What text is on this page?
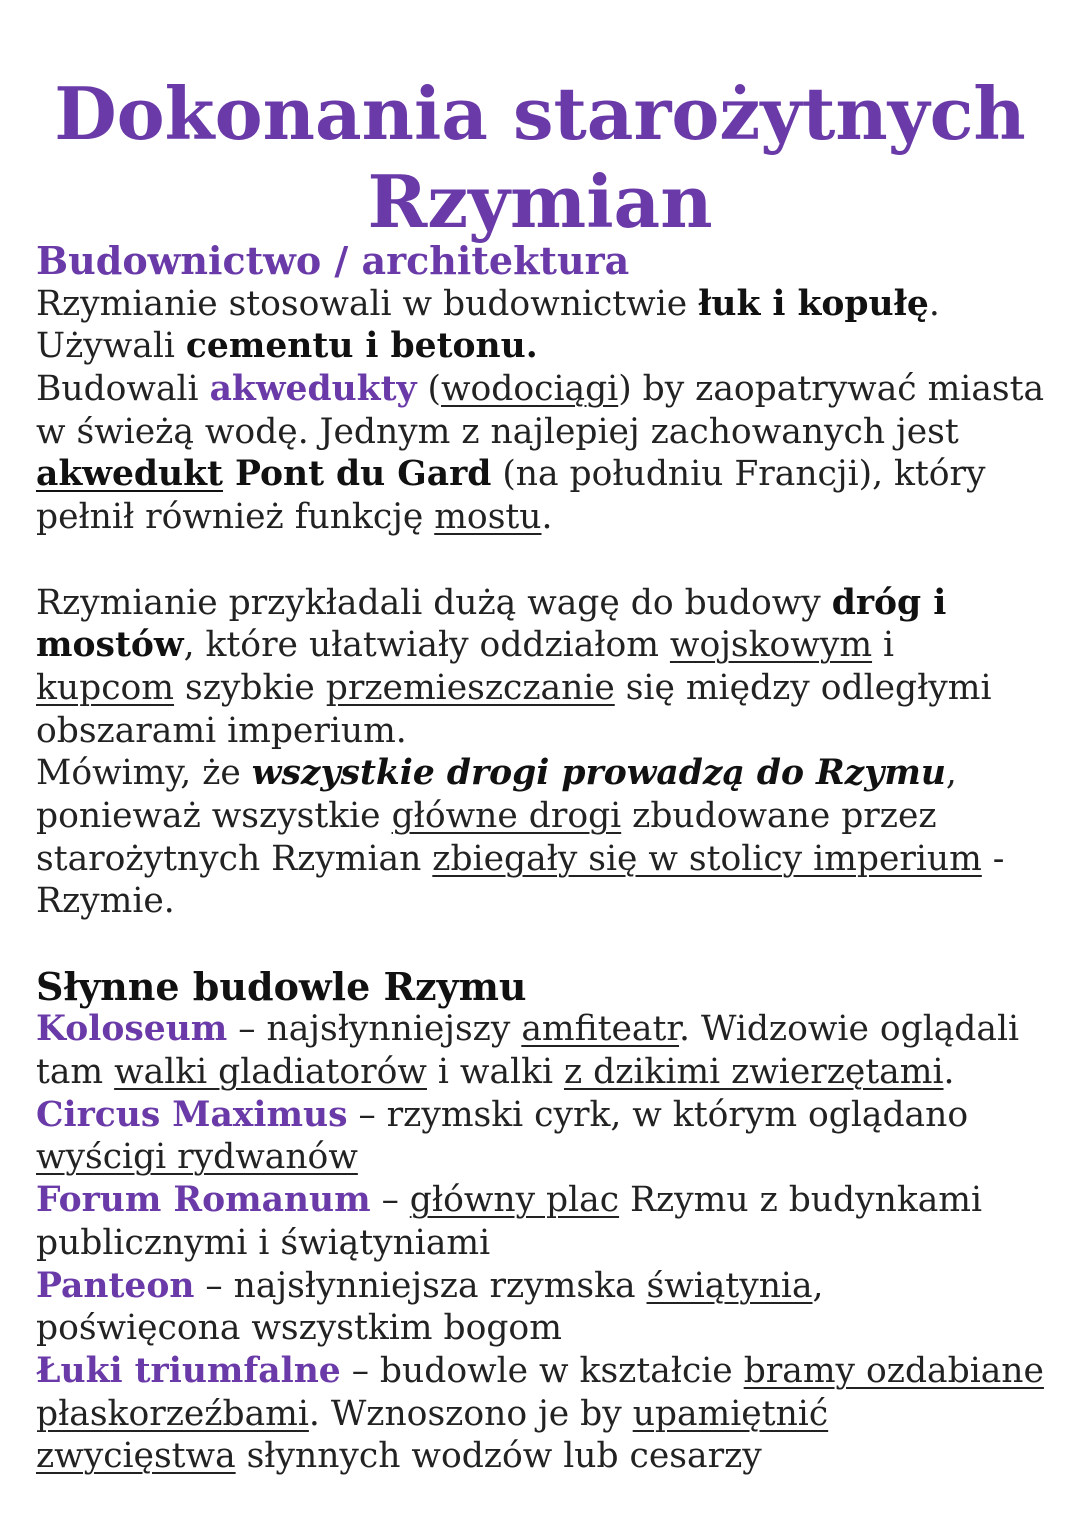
Dokonania starożytnych
Rzymian
Budownictwo / architektura
Rzymianie stosowali w budownictwie łuk i kopułę.
Używali cementu i betonu.
Budowali akwedukty (wodociągi) by zaopatrywać miasta
w świeżą wodę. Jednym z najlepiej zachowanych jest
akwedukt Pont du Gard (na południu Francji), który
pełnił również funkcję mostu.
Rzymianie przykładali dużą wagę do budowy dróg i
mostów, które ułatwiały oddziałom wojskowym i
kupcom szybkie przemieszczanie się między odległymi
obszarami imperium.
Mówimy, że wszystkie drogi prowadzą do Rzymu,
ponieważ wszystkie główne drogi zbudowane przez
starożytnych Rzymian zbiegały się w stolicy imperium -
Rzymie.
Słynne budowle Rzymu
Koloseum – najsłynniejszy amfiteatr. Widzowie oglądali
tam walki gladiatorów i walki z dzikimi zwierzętami.
Circus Maximus – rzymski cyrk, w którym oglądano
wyścigi rydwanów
Forum Romanum – główny plac Rzymu z budynkami
publicznymi i świątyniami
Panteon – najsłynniejsza rzymska świątynia,
poświęcona wszystkim bogom
Łuki triumfalne – budowle w kształcie bramy ozdabiane
płaskorzeźbami. Wznoszono je by upamiętnić
zwycięstwa słynnych wodzów lub cesarzy
